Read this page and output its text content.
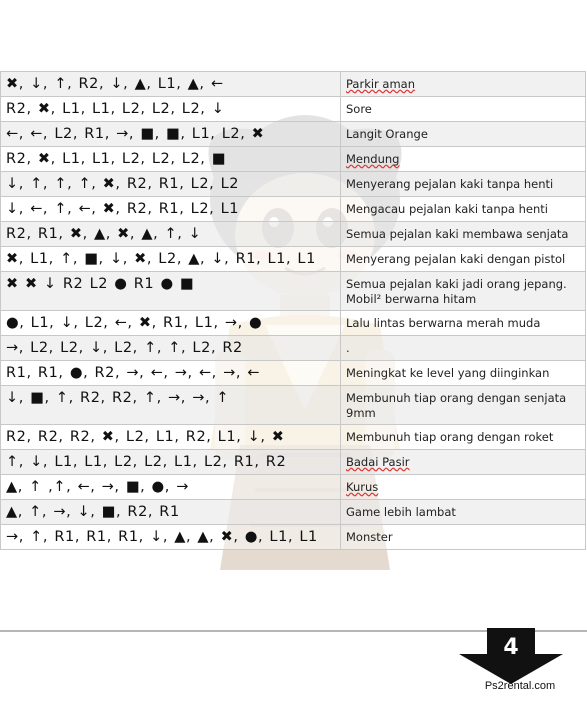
✖, ↓, ↑, R2, ↓, ▲, L1, ▲, ←	Parkir aman
R2, ✖, L1, L1, L2, L2, L2, ↓	Sore
←, ←, L2, R1, →, ■, ■, L1, L2, ✖	Langit Orange
R2, ✖, L1, L1, L2, L2, L2, ■	Mendung
↓, ↑, ↑, ↑, ✖, R2, R1, L2, L2	Menyerang pejalan kaki tanpa henti
↓, ←, ↑, ←, ✖, R2, R1, L2, L1	Mengacau pejalan kaki tanpa henti
R2, R1, ✖, ▲, ✖, ▲, ↑, ↓	Semua pejalan kaki membawa senjata
✖, L1, ↑, ■, ↓, ✖, L2, ▲, ↓, R1, L1, L1	Menyerang pejalan kaki dengan pistol
✖ ✖ ↓ R2 L2 ● R1 ● ■	Semua pejalan kaki jadi orang jepang. Mobil² berwarna hitam
●, L1, ↓, L2, ←, ✖, R1, L1, →, ●	Lalu lintas berwarna merah muda
→, L2, L2, ↓, L2, ↑, ↑, L2, R2	.
R1, R1, ●, R2, →, ←, →, ←, →, ←	Meningkat ke level yang diinginkan
↓, ■, ↑, R2, R2, ↑, →, →, ↑	Membunuh tiap orang dengan senjata 9mm
R2, R2, R2, ✖, L2, L1, R2, L1, ↓, ✖	Membunuh tiap orang dengan roket
↑, ↓, L1, L1, L2, L2, L1, L2, R1, R2	Badai Pasir
▲, ↑ ,↑, ←, →, ■, ●, →	Kurus
▲, ↑, →, ↓, ■, R2, R1	Game lebih lambat
→, ↑, R1, R1, R1, ↓, ▲, ▲, ✖, ●, L1, L1	Monster
4
Ps2rental.com
